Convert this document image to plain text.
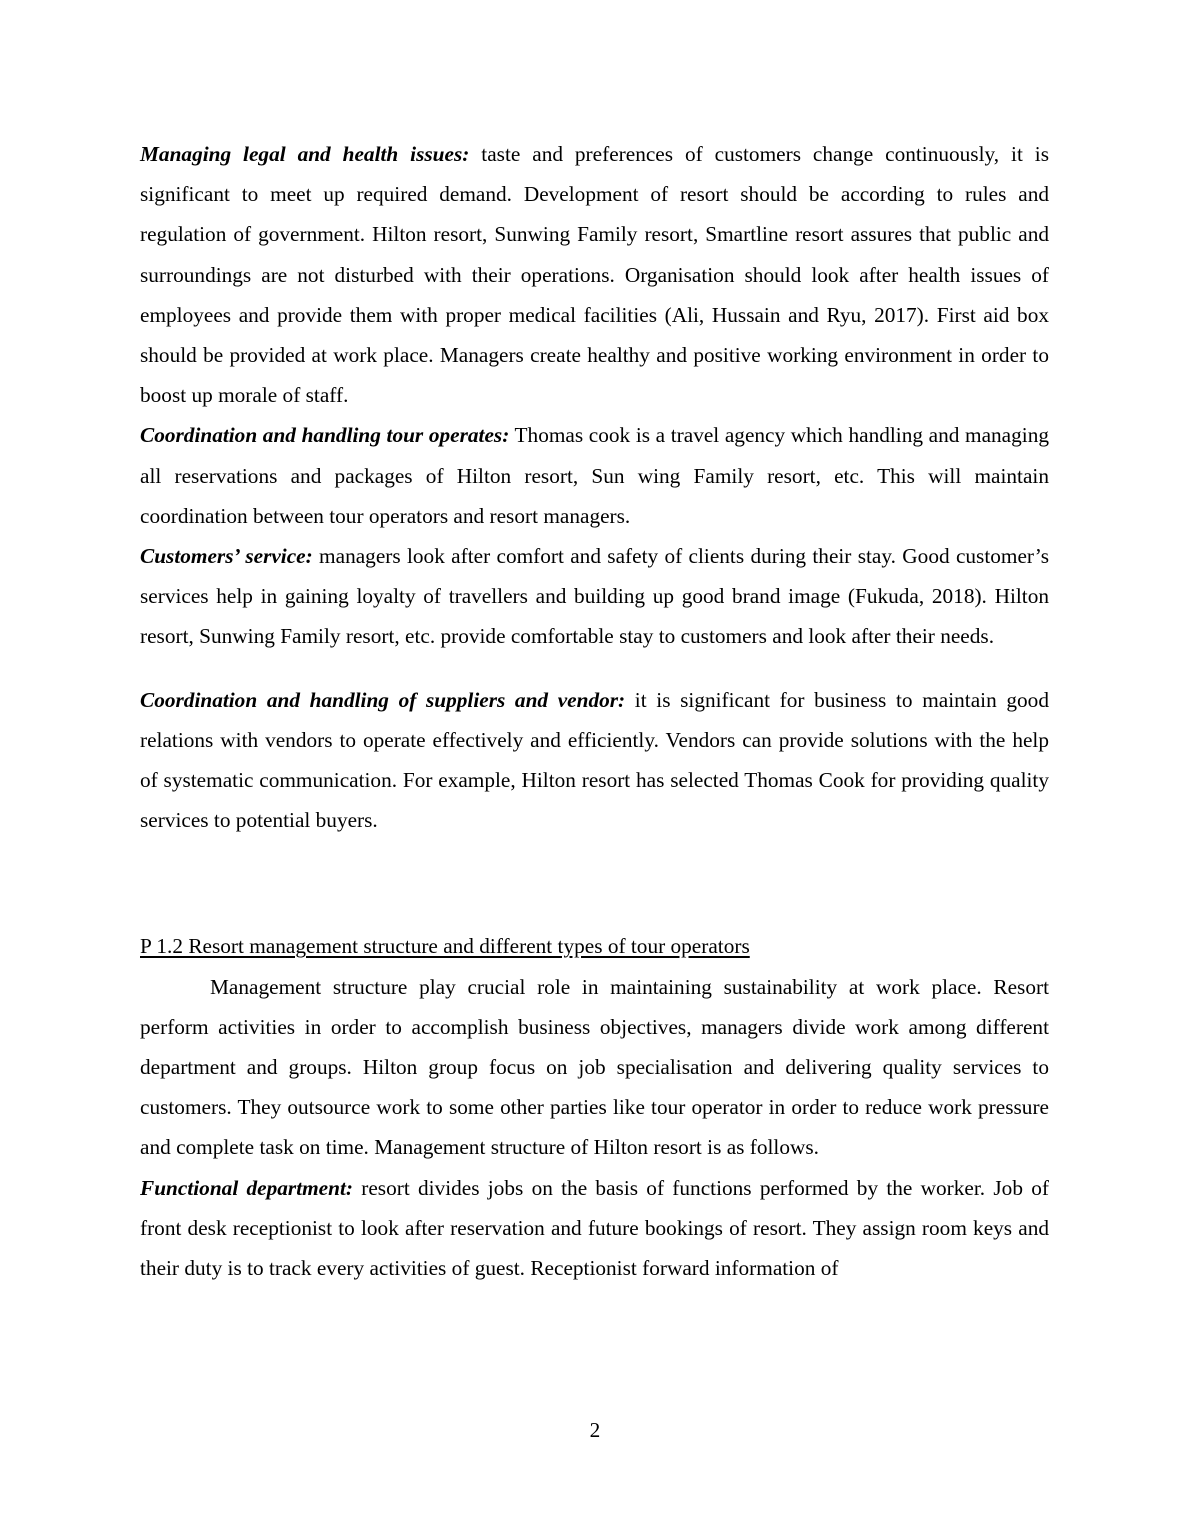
Managing legal and health issues: taste and preferences of customers change continuously, it is significant to meet up required demand. Development of resort should be according to rules and regulation of government. Hilton resort, Sunwing Family resort, Smartline resort assures that public and surroundings are not disturbed with their operations. Organisation should look after health issues of employees and provide them with proper medical facilities (Ali, Hussain and Ryu, 2017). First aid box should be provided at work place. Managers create healthy and positive working environment in order to boost up morale of staff.

Coordination and handling tour operates: Thomas cook is a travel agency which handling and managing all reservations and packages of Hilton resort, Sun wing Family resort, etc. This will maintain coordination between tour operators and resort managers.

Customers’ service: managers look after comfort and safety of clients during their stay. Good customer’s services help in gaining loyalty of travellers and building up good brand image (Fukuda, 2018). Hilton resort, Sunwing Family resort, etc. provide comfortable stay to customers and look after their needs.

Coordination and handling of suppliers and vendor: it is significant for business to maintain good relations with vendors to operate effectively and efficiently. Vendors can provide solutions with the help of systematic communication. For example, Hilton resort has selected Thomas Cook for providing quality services to potential buyers.

P 1.2 Resort management structure and different types of tour operators

Management structure play crucial role in maintaining sustainability at work place. Resort perform activities in order to accomplish business objectives, managers divide work among different department and groups. Hilton group focus on job specialisation and delivering quality services to customers. They outsource work to some other parties like tour operator in order to reduce work pressure and complete task on time. Management structure of Hilton resort is as follows.

Functional department: resort divides jobs on the basis of functions performed by the worker. Job of front desk receptionist to look after reservation and future bookings of resort. They assign room keys and their duty is to track every activities of guest. Receptionist forward information of

2
